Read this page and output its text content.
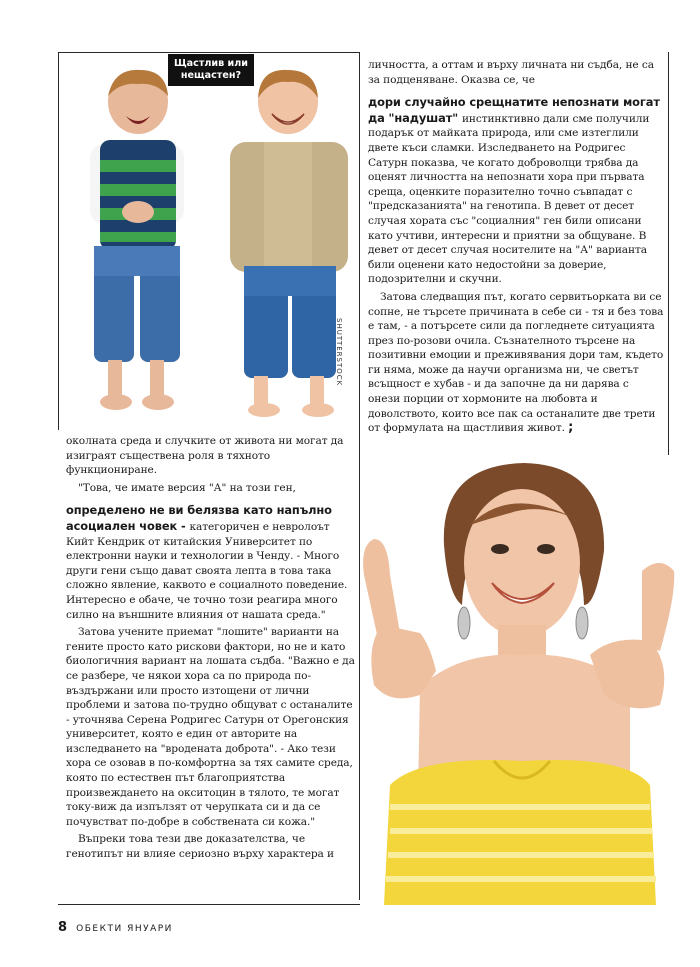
Щастлив или
нещастен?
SHUTTERSTOCK

околната среда и случките от живота ни могат да изиграят съществена роля в тяхното функциониране.

"Това, че имате версия "А" на този ген,

определено не ви белязва като напълно асоциален човек - категоричен е невролоът Кийт Кендрик от китайския Университет по електронни науки и технологии в Ченду. - Много други гени също дават своята лепта в това така сложно явление, каквото е социалното поведение. Интересно е обаче, че точно този реагира много силно на външните влияния от нашата среда."

Затова учените приемат "лошите" варианти на гените просто като рискови фактори, но не и като биологичния вариант на лошата съдба. "Важно е да се разбере, че някои хора са по природа по-въздържани или просто изтощени от лични проблеми и затова по-трудно общуват с останалите - уточнява Серена Родригес Сатурн от Орегонския университет, която е един от авторите на изследването на "вродената доброта". - Ако тези хора се озовав в по-комфортна за тях самите среда, която по естествен път благоприятства произвеждането на окситоцин в тялото, те могат току-виж да изпълзят от черупката си и да се почувстват по-добре в собствената си кожа."

Въпреки това тези две доказателства, че генотипът ни влияе сериозно върху характера и

личността, а оттам и върху личната ни съдба, не са за подценяване. Оказва се, че

дори случайно срещнатите непознати могат да "надушат" инстинктивно дали сме получили подарък от майката природа, или сме изтеглили двете къси сламки. Изследването на Родригес Сатурн показва, че когато доброволци трябва да оценят личността на непознати хора при първата среща, оценките поразително точно съвпадат с "предсказанията" на генотипа. В девет от десет случая хората със "социалния" ген били описани като учтиви, интересни и приятни за общуване. В девет от десет случая носителите на "А" варианта били оценени като недостойни за доверие, подозрителни и скучни.

Затова следващия път, когато сервитьорката ви се сопне, не търсете причината в себе си - тя и без това е там, - а потърсете сили да погледнете ситуацията през по-розови очила. Съзнателното търсене на позитивни емоции и преживявания дори там, където ги няма, може да научи организма ни, че светът всъщност е хубав - и да започне да ни дарява с онези порции от хормоните на любовта и доволството, които все пак са останалите две трети от формулата на щастливия живот. ;

8 ОБЕКТИ ЯНУАРИ
